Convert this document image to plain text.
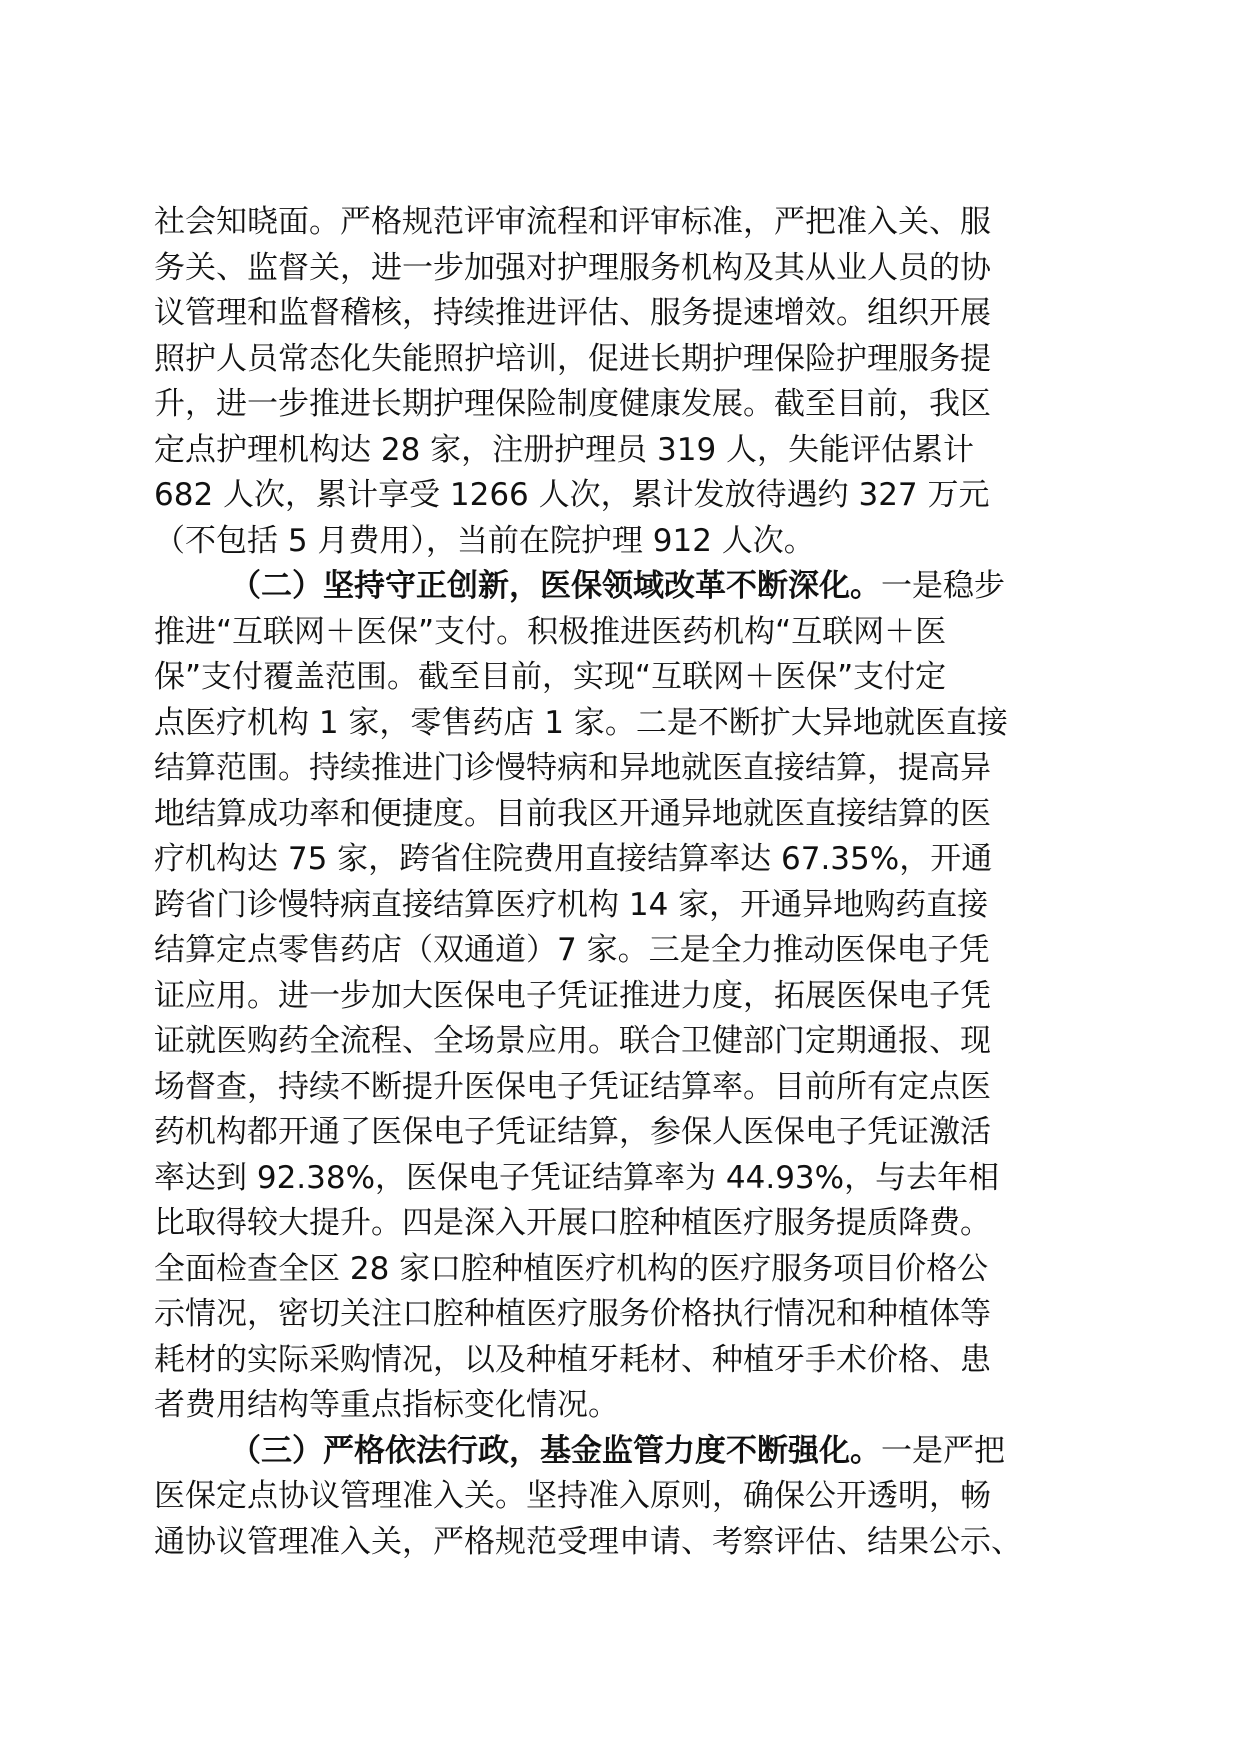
社会知晓面。严格规范评审流程和评审标准，严把准入关、服
务关、监督关，进一步加强对护理服务机构及其从业人员的协
议管理和监督稽核，持续推进评估、服务提速增效。组织开展
照护人员常态化失能照护培训，促进长期护理保险护理服务提
升，进一步推进长期护理保险制度健康发展。截至目前，我区
定点护理机构达 28 家，注册护理员 319 人，失能评估累计
682 人次，累计享受 1266 人次，累计发放待遇约 327 万元
（不包括 5 月费用），当前在院护理 912 人次。
（二）坚持守正创新，医保领域改革不断深化。一是稳步
推进“互联网＋医保”支付。积极推进医药机构“互联网＋医
保”支付覆盖范围。截至目前，实现“互联网＋医保”支付定
点医疗机构 1 家，零售药店 1 家。二是不断扩大异地就医直接
结算范围。持续推进门诊慢特病和异地就医直接结算，提高异
地结算成功率和便捷度。目前我区开通异地就医直接结算的医
疗机构达 75 家，跨省住院费用直接结算率达 67.35%，开通
跨省门诊慢特病直接结算医疗机构 14 家，开通异地购药直接
结算定点零售药店（双通道）7 家。三是全力推动医保电子凭
证应用。进一步加大医保电子凭证推进力度，拓展医保电子凭
证就医购药全流程、全场景应用。联合卫健部门定期通报、现
场督查，持续不断提升医保电子凭证结算率。目前所有定点医
药机构都开通了医保电子凭证结算，参保人医保电子凭证激活
率达到 92.38%，医保电子凭证结算率为 44.93%，与去年相
比取得较大提升。四是深入开展口腔种植医疗服务提质降费。
全面检查全区 28 家口腔种植医疗机构的医疗服务项目价格公
示情况，密切关注口腔种植医疗服务价格执行情况和种植体等
耗材的实际采购情况，以及种植牙耗材、种植牙手术价格、患
者费用结构等重点指标变化情况。
（三）严格依法行政，基金监管力度不断强化。一是严把
医保定点协议管理准入关。坚持准入原则，确保公开透明，畅
通协议管理准入关，严格规范受理申请、考察评估、结果公示、
